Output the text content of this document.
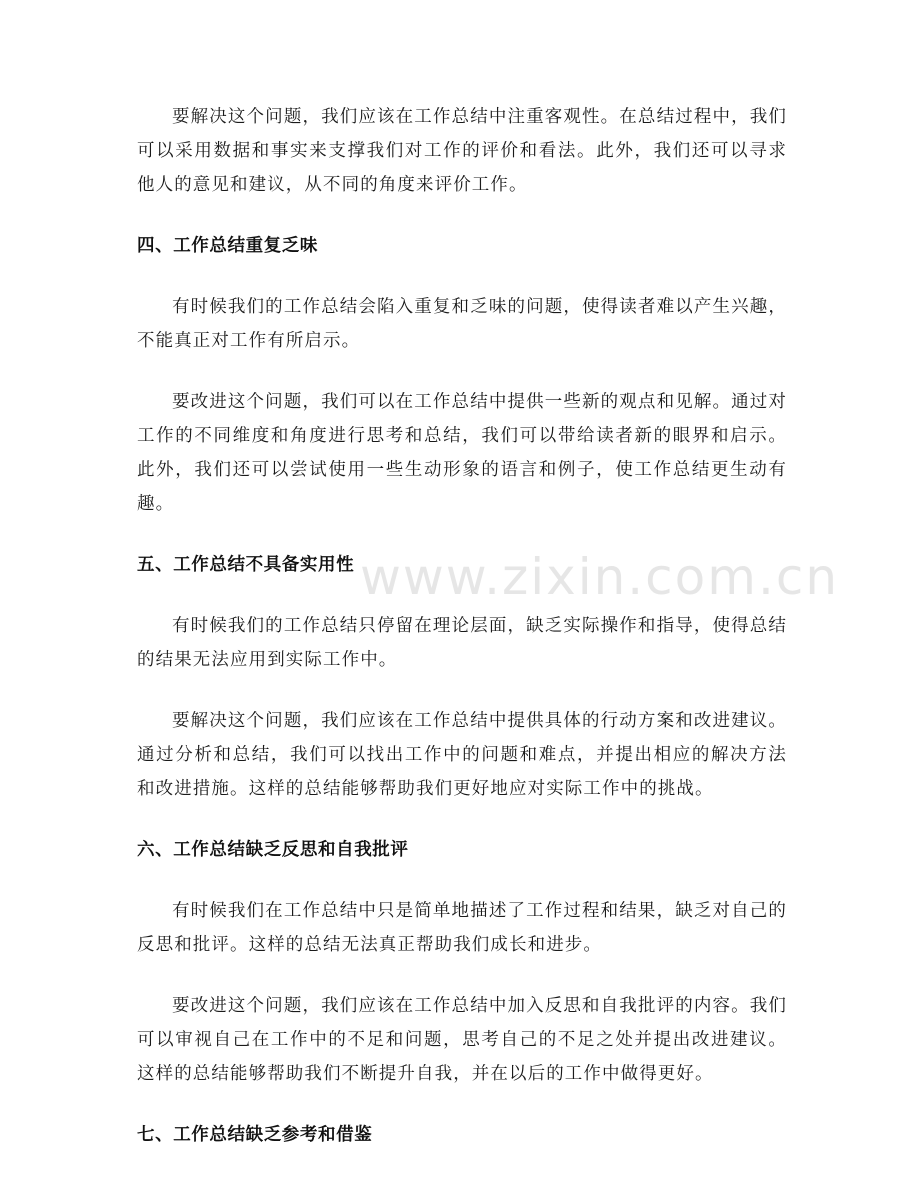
要解决这个问题，我们应该在工作总结中注重客观性。在总结过程中，我们可以采用数据和事实来支撑我们对工作的评价和看法。此外，我们还可以寻求他人的意见和建议，从不同的角度来评价工作。

四、工作总结重复乏味

有时候我们的工作总结会陷入重复和乏味的问题，使得读者难以产生兴趣，不能真正对工作有所启示。

要改进这个问题，我们可以在工作总结中提供一些新的观点和见解。通过对工作的不同维度和角度进行思考和总结，我们可以带给读者新的眼界和启示。此外，我们还可以尝试使用一些生动形象的语言和例子，使工作总结更生动有趣。

五、工作总结不具备实用性

有时候我们的工作总结只停留在理论层面，缺乏实际操作和指导，使得总结的结果无法应用到实际工作中。

要解决这个问题，我们应该在工作总结中提供具体的行动方案和改进建议。通过分析和总结，我们可以找出工作中的问题和难点，并提出相应的解决方法和改进措施。这样的总结能够帮助我们更好地应对实际工作中的挑战。

六、工作总结缺乏反思和自我批评

有时候我们在工作总结中只是简单地描述了工作过程和结果，缺乏对自己的反思和批评。这样的总结无法真正帮助我们成长和进步。

要改进这个问题，我们应该在工作总结中加入反思和自我批评的内容。我们可以审视自己在工作中的不足和问题，思考自己的不足之处并提出改进建议。这样的总结能够帮助我们不断提升自我，并在以后的工作中做得更好。

七、工作总结缺乏参考和借鉴
www.zixin.com.cn
